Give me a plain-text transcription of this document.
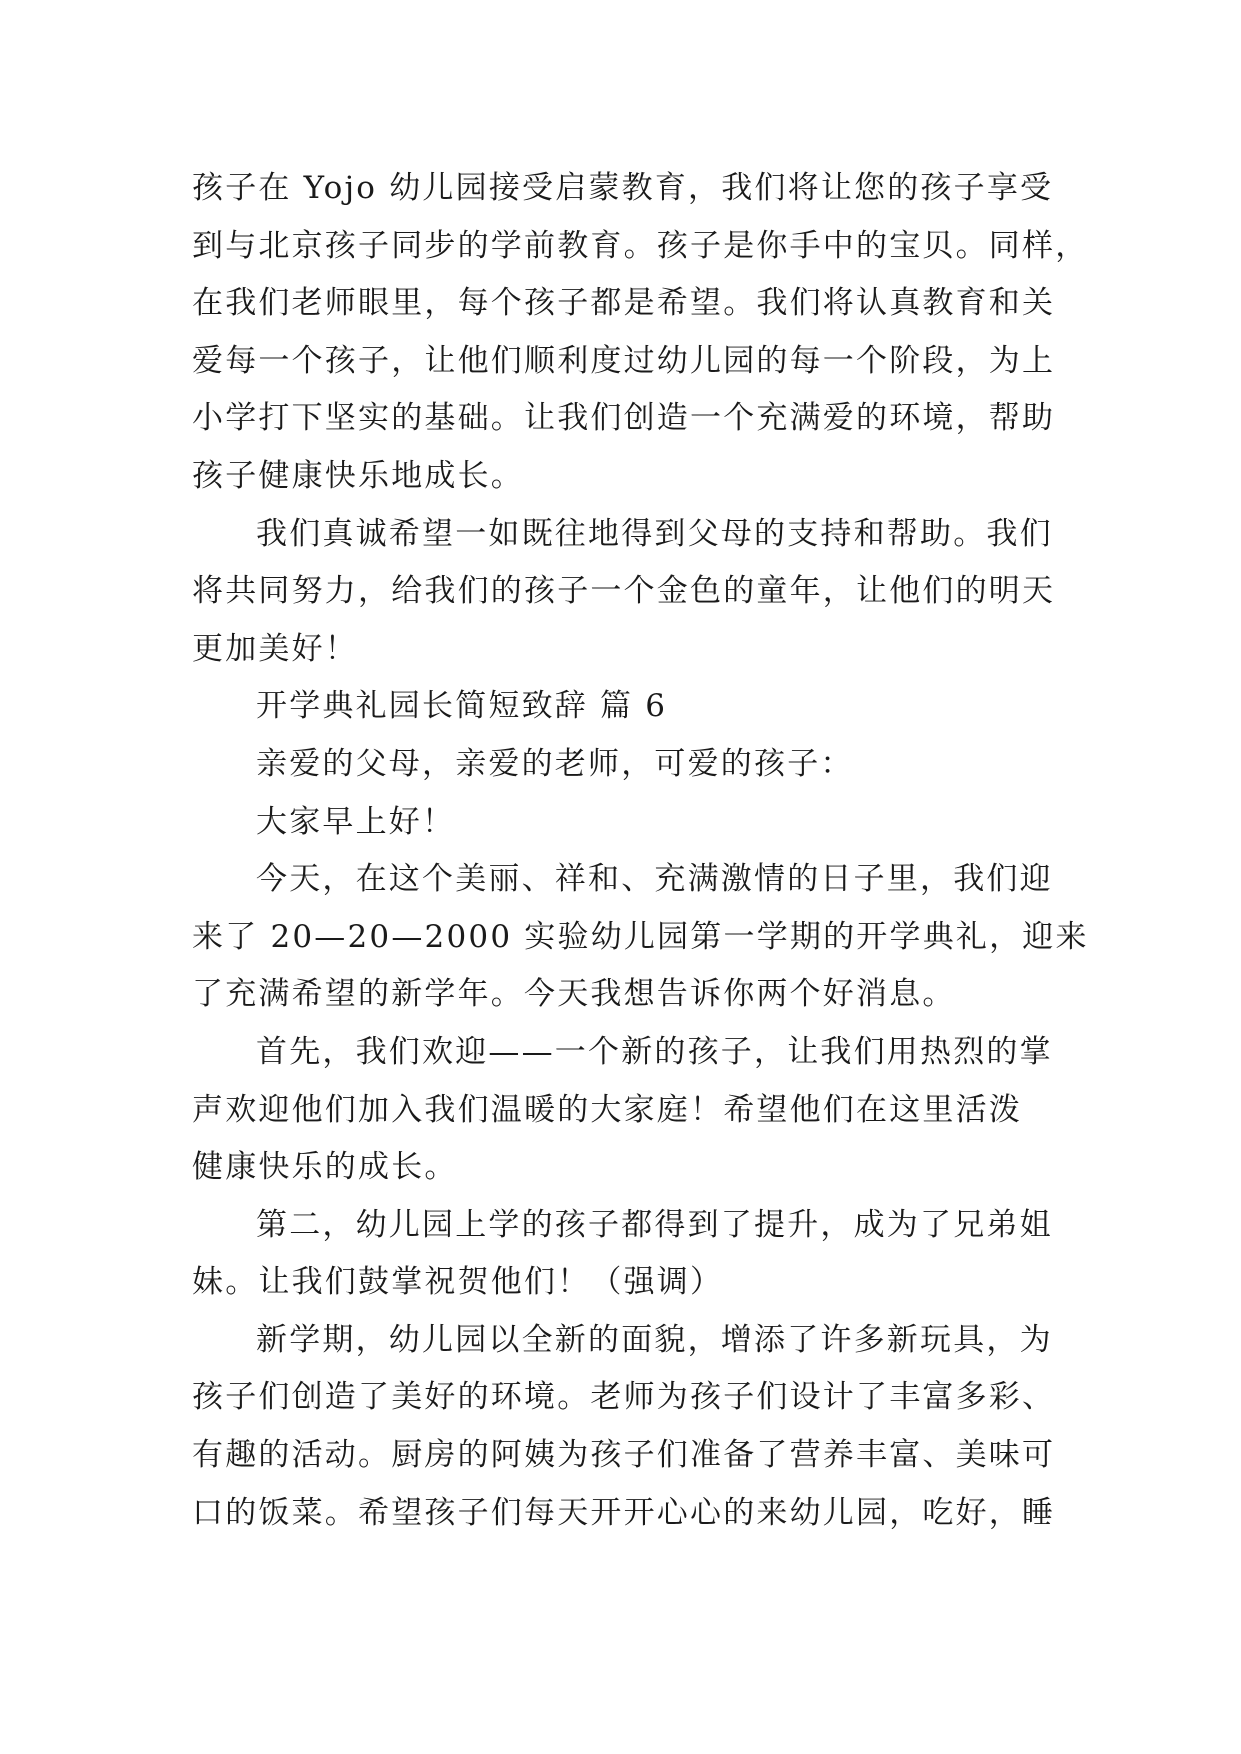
孩子在 Yojo 幼儿园接受启蒙教育，我们将让您的孩子享受
到与北京孩子同步的学前教育。孩子是你手中的宝贝。同样，
在我们老师眼里，每个孩子都是希望。我们将认真教育和关
爱每一个孩子，让他们顺利度过幼儿园的每一个阶段，为上
小学打下坚实的基础。让我们创造一个充满爱的环境，帮助
孩子健康快乐地成长。
我们真诚希望一如既往地得到父母的支持和帮助。我们
将共同努力，给我们的孩子一个金色的童年，让他们的明天
更加美好！
开学典礼园长简短致辞 篇 6
亲爱的父母，亲爱的老师，可爱的孩子：
大家早上好！
今天，在这个美丽、祥和、充满激情的日子里，我们迎
来了 20—20—2000 实验幼儿园第一学期的开学典礼，迎来
了充满希望的新学年。今天我想告诉你两个好消息。
首先，我们欢迎——一个新的孩子，让我们用热烈的掌
声欢迎他们加入我们温暖的大家庭！希望他们在这里活泼
健康快乐的成长。
第二，幼儿园上学的孩子都得到了提升，成为了兄弟姐
妹。让我们鼓掌祝贺他们！（强调）
新学期，幼儿园以全新的面貌，增添了许多新玩具，为
孩子们创造了美好的环境。老师为孩子们设计了丰富多彩、
有趣的活动。厨房的阿姨为孩子们准备了营养丰富、美味可
口的饭菜。希望孩子们每天开开心心的来幼儿园，吃好，睡
